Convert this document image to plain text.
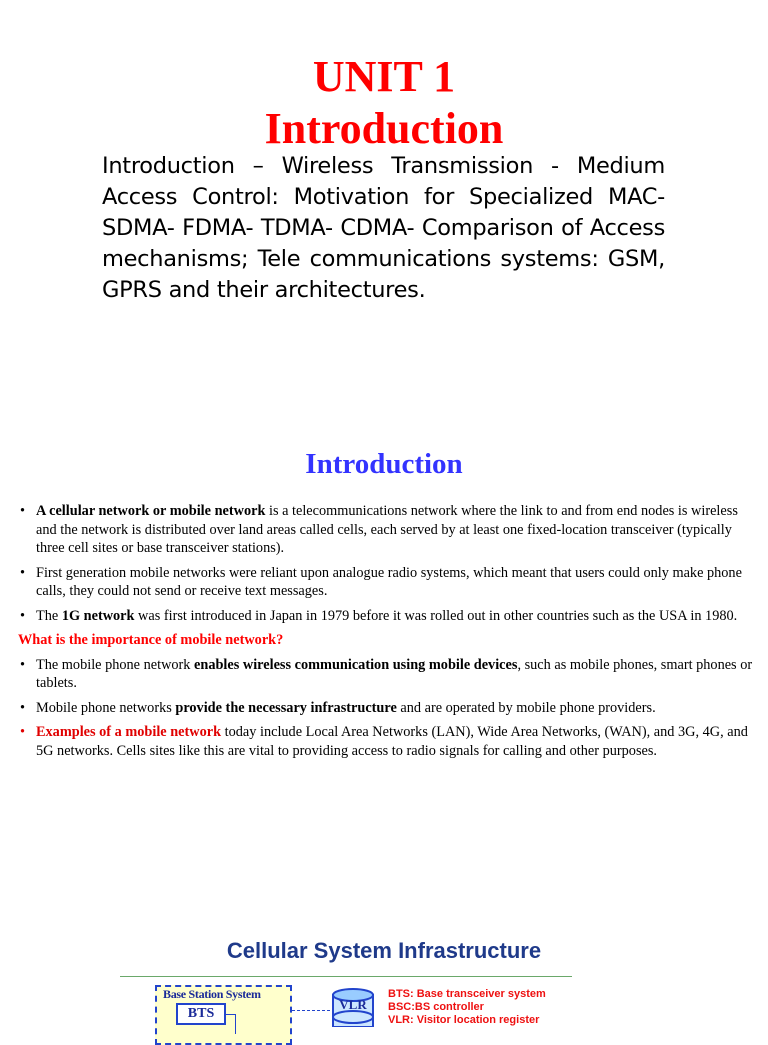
UNIT 1
Introduction
Introduction – Wireless Transmission - Medium Access Control: Motivation for Specialized MAC- SDMA- FDMA- TDMA- CDMA- Comparison of Access mechanisms; Tele communications systems: GSM, GPRS and their architectures.
Introduction
• A cellular network or mobile network is a telecommunications network where the link to and from end nodes is wireless and the network is distributed over land areas called cells, each served by at least one fixed-location transceiver (typically three cell sites or base transceiver stations).
• First generation mobile networks were reliant upon analogue radio systems, which meant that users could only make phone calls, they could not send or receive text messages.
• The 1G network was first introduced in Japan in 1979 before it was rolled out in other countries such as the USA in 1980.
What is the importance of mobile network?
• The mobile phone network enables wireless communication using mobile devices, such as mobile phones, smart phones or tablets.
• Mobile phone networks provide the necessary infrastructure and are operated by mobile phone providers.
• Examples of a mobile network today include Local Area Networks (LAN), Wide Area Networks, (WAN), and 3G, 4G, and 5G networks. Cells sites like this are vital to providing access to radio signals for calling and other purposes.
Cellular System Infrastructure
Base Station System
BTS
VLR
BTS: Base transceiver system
BSC:BS controller
VLR: Visitor location register
